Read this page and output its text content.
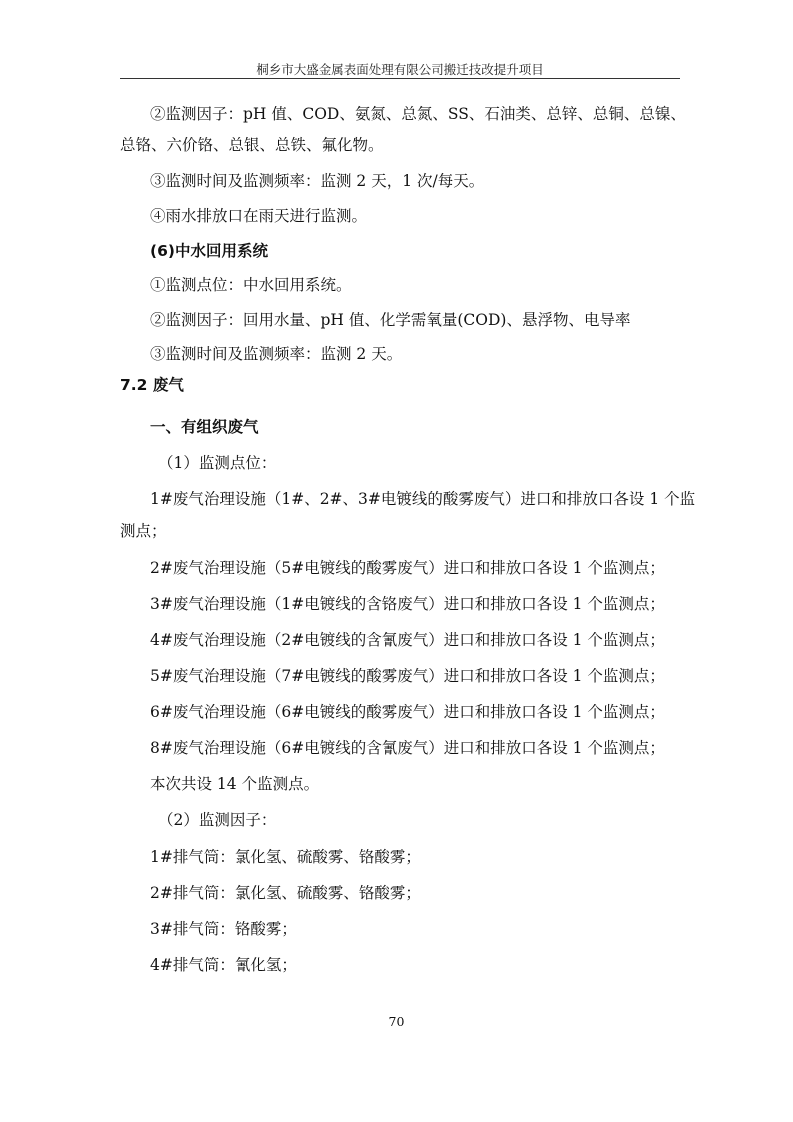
桐乡市大盛金属表面处理有限公司搬迁技改提升项目
②监测因子：pH 值、COD、氨氮、总氮、SS、石油类、总锌、总铜、总镍、
总铬、六价铬、总银、总铁、氟化物。
③监测时间及监测频率：监测 2 天，1 次/每天。
④雨水排放口在雨天进行监测。
(6)中水回用系统
①监测点位：中水回用系统。
②监测因子：回用水量、pH 值、化学需氧量(COD)、悬浮物、电导率
③监测时间及监测频率：监测 2 天。
7.2 废气
一、有组织废气
（1）监测点位：
1#废气治理设施（1#、2#、3#电镀线的酸雾废气）进口和排放口各设 1 个监
测点；
2#废气治理设施（5#电镀线的酸雾废气）进口和排放口各设 1 个监测点；
3#废气治理设施（1#电镀线的含铬废气）进口和排放口各设 1 个监测点；
4#废气治理设施（2#电镀线的含氰废气）进口和排放口各设 1 个监测点；
5#废气治理设施（7#电镀线的酸雾废气）进口和排放口各设 1 个监测点；
6#废气治理设施（6#电镀线的酸雾废气）进口和排放口各设 1 个监测点；
8#废气治理设施（6#电镀线的含氰废气）进口和排放口各设 1 个监测点；
本次共设 14 个监测点。
（2）监测因子：
1#排气筒：氯化氢、硫酸雾、铬酸雾；
2#排气筒：氯化氢、硫酸雾、铬酸雾；
3#排气筒：铬酸雾；
4#排气筒：氰化氢；
70
